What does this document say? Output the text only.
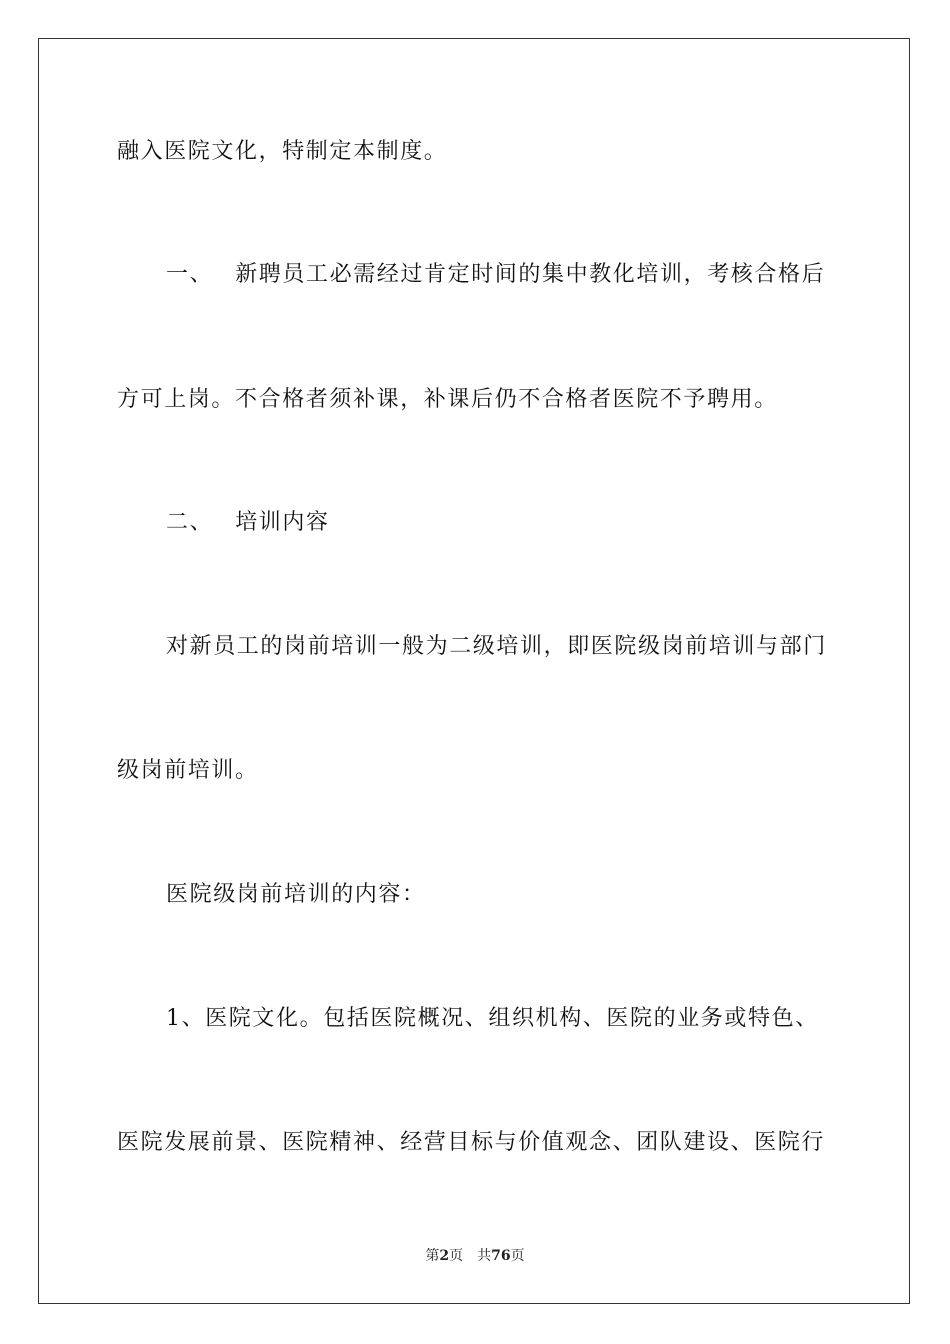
融入医院文化，特制定本制度。
一、 新聘员工必需经过肯定时间的集中教化培训，考核合格后
方可上岗。不合格者须补课，补课后仍不合格者医院不予聘用。
二、 培训内容
对新员工的岗前培训一般为二级培训，即医院级岗前培训与部门
级岗前培训。
医院级岗前培训的内容：
1、医院文化。包括医院概况、组织机构、医院的业务或特色、
医院发展前景、医院精神、经营目标与价值观念、团队建设、医院行
第2页 共76页
